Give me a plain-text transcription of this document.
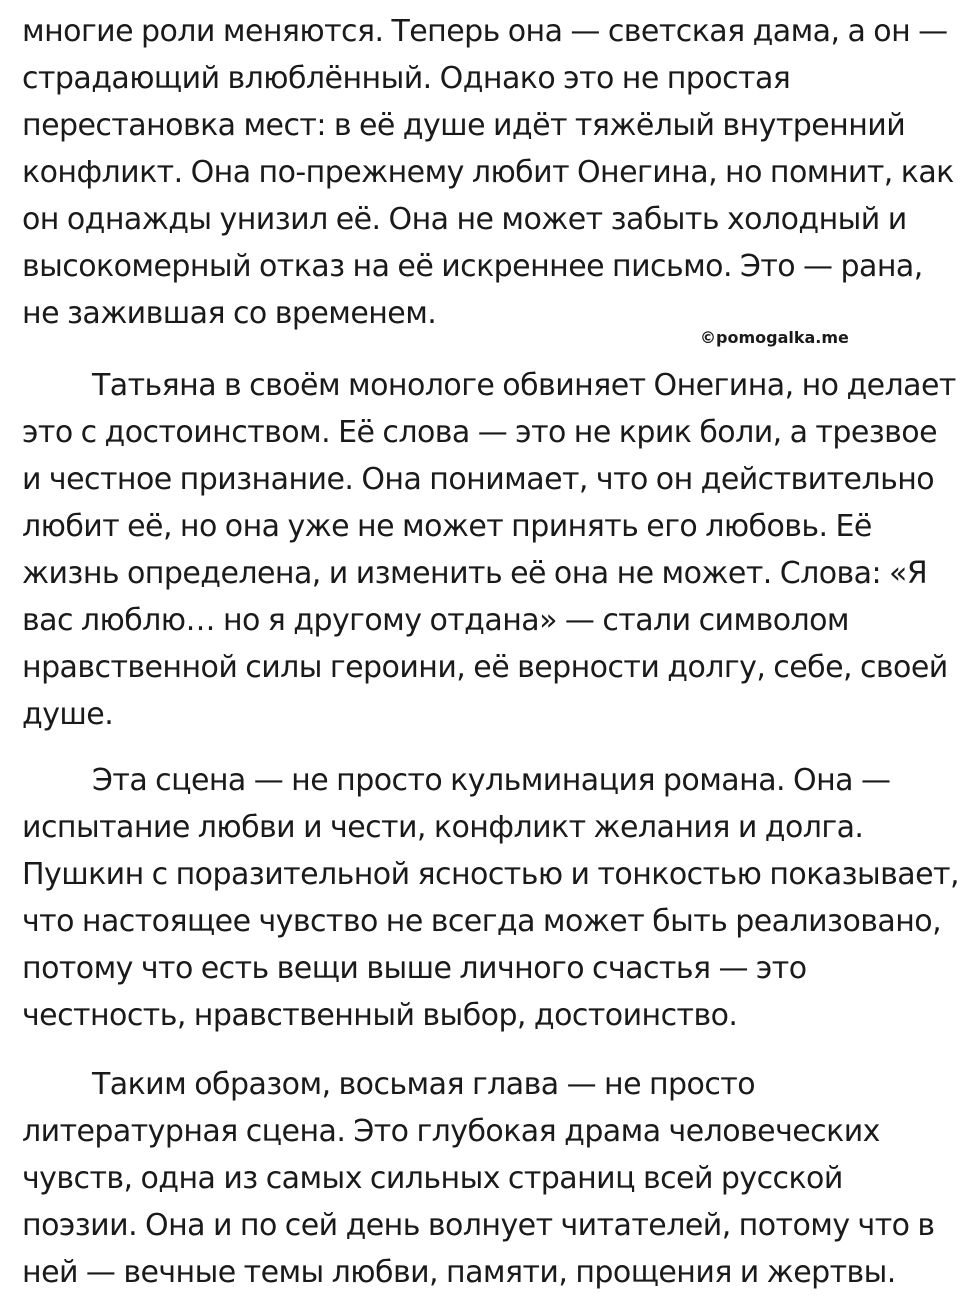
многие роли меняются. Теперь она — светская дама, а он —
страдающий влюблённый. Однако это не простая
перестановка мест: в её душе идёт тяжёлый внутренний
конфликт. Она по-прежнему любит Онегина, но помнит, как
он однажды унизил её. Она не может забыть холодный и
высокомерный отказ на её искреннее письмо. Это — рана,
не зажившая со временем.
©pomogalka.me
Татьяна в своём монологе обвиняет Онегина, но делает
это с достоинством. Её слова — это не крик боли, а трезвое
и честное признание. Она понимает, что он действительно
любит её, но она уже не может принять его любовь. Её
жизнь определена, и изменить её она не может. Слова: «Я
вас люблю… но я другому отдана» — стали символом
нравственной силы героини, её верности долгу, себе, своей
душе.
Эта сцена — не просто кульминация романа. Она —
испытание любви и чести, конфликт желания и долга.
Пушкин с поразительной ясностью и тонкостью показывает,
что настоящее чувство не всегда может быть реализовано,
потому что есть вещи выше личного счастья — это
честность, нравственный выбор, достоинство.
Таким образом, восьмая глава — не просто
литературная сцена. Это глубокая драма человеческих
чувств, одна из самых сильных страниц всей русской
поэзии. Она и по сей день волнует читателей, потому что в
ней — вечные темы любви, памяти, прощения и жертвы.
